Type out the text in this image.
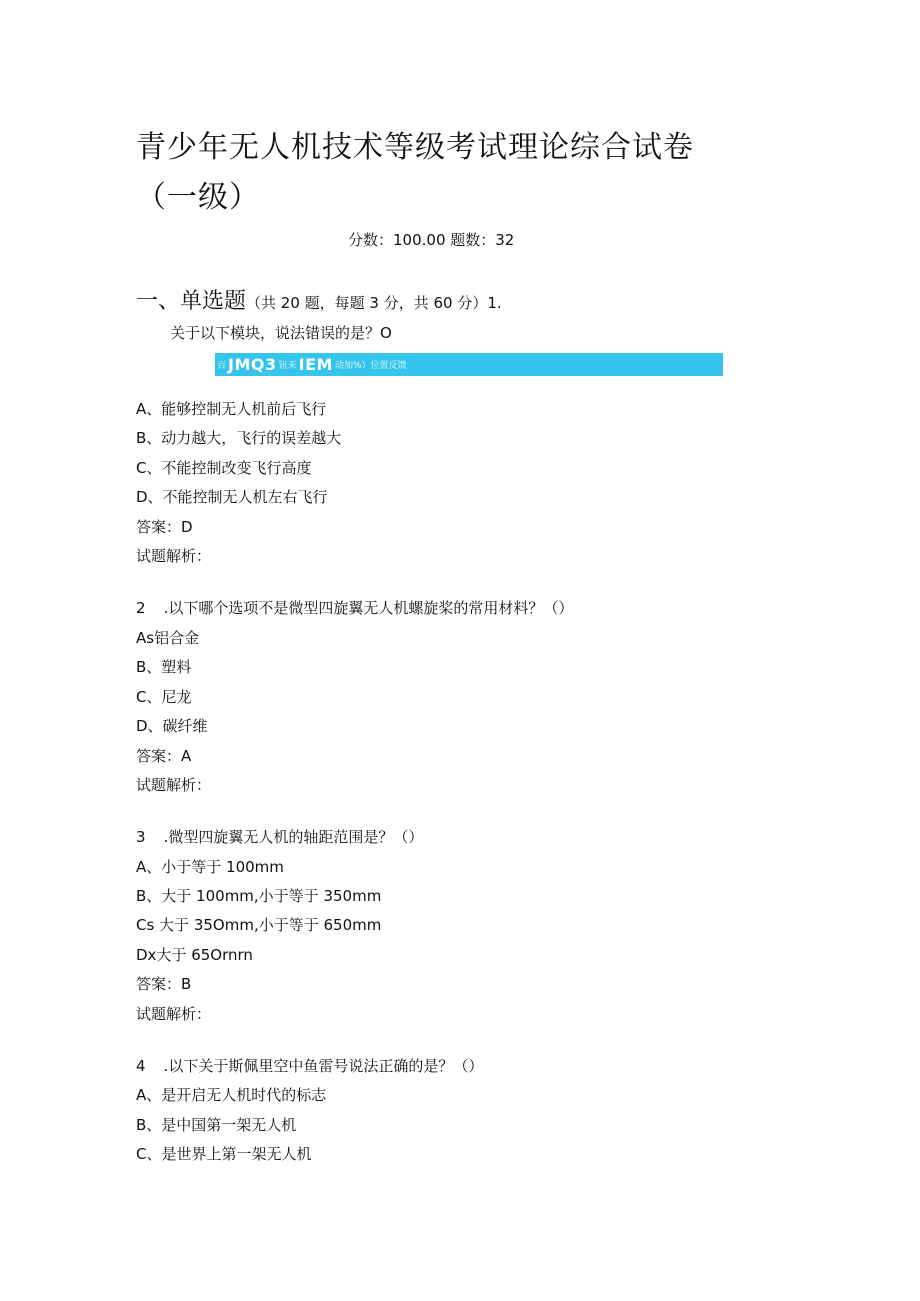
青少年无人机技术等级考试理论综合试卷
（一级）
分数：100.00 题数：32
一、单选题（共 20 题，每题 3 分，共 60 分）1.
关于以下模块，说法错误的是？O
百 JMQ3 钮来 IEM 动加%）位置反馈
A、能够控制无人机前后飞行
B、动力越大，飞行的误差越大
C、不能控制改变飞行高度
D、不能控制无人机左右飞行
答案：D
试题解析：
2 .以下哪个选项不是微型四旋翼无人机螺旋桨的常用材料？（）
As铝合金
B、塑料
C、尼龙
D、碳纤维
答案：A
试题解析：
3 .微型四旋翼无人机的轴距范围是？（）
A、小于等于 100mm
B、大于 100mm,小于等于 350mm
Cs 大于 35Omm,小于等于 650mm
Dx大于 65Ornrn
答案：B
试题解析：
4 .以下关于斯佩里空中鱼雷号说法正确的是？（）
A、是开启无人机时代的标志
B、是中国第一架无人机
C、是世界上第一架无人机
